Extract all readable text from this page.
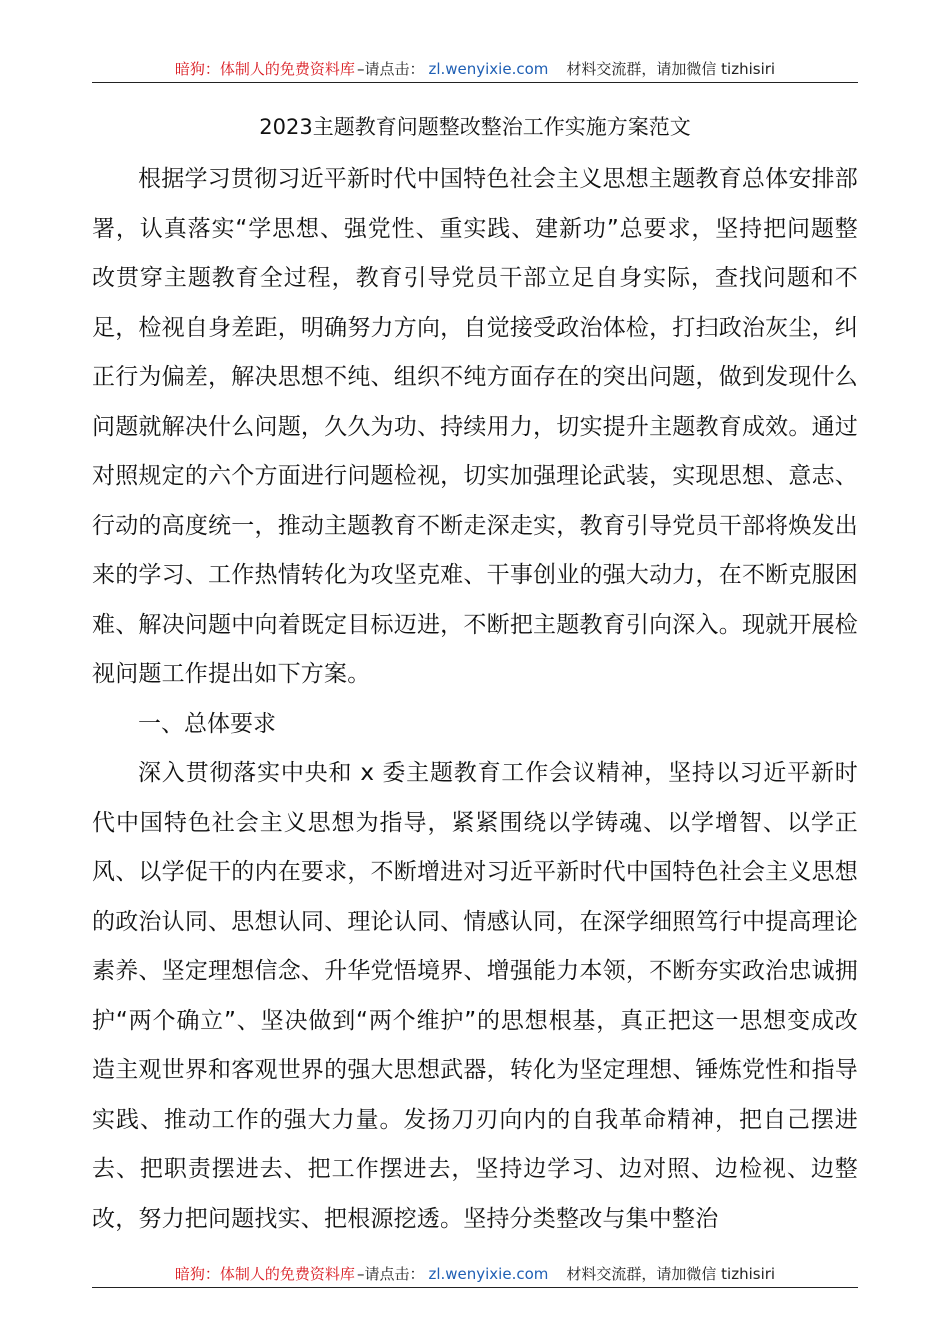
暗狗：体制人的免费资料库 –请点击： zl.wenyixie.com 材料交流群，请加微信 tizhisiri
2023主题教育问题整改整治工作实施方案范文

根据学习贯彻习近平新时代中国特色社会主义思想主题教育总体安排部署，认真落实“学思想、强党性、重实践、建新功”总要求，坚持把问题整改贯穿主题教育全过程，教育引导党员干部立足自身实际，查找问题和不足，检视自身差距，明确努力方向，自觉接受政治体检，打扫政治灰尘，纠正行为偏差，解决思想不纯、组织不纯方面存在的突出问题，做到发现什么问题就解决什么问题，久久为功、持续用力，切实提升主题教育成效。通过对照规定的六个方面进行问题检视，切实加强理论武装，实现思想、意志、行动的高度统一，推动主题教育不断走深走实，教育引导党员干部将焕发出来的学习、工作热情转化为攻坚克难、干事创业的强大动力，在不断克服困难、解决问题中向着既定目标迈进，不断把主题教育引向深入。现就开展检视问题工作提出如下方案。

一、总体要求

深入贯彻落实中央和 x 委主题教育工作会议精神，坚持以习近平新时代中国特色社会主义思想为指导，紧紧围绕以学铸魂、以学增智、以学正风、以学促干的内在要求，不断增进对习近平新时代中国特色社会主义思想的政治认同、思想认同、理论认同、情感认同，在深学细照笃行中提高理论素养、坚定理想信念、升华党悟境界、增强能力本领，不断夯实政治忠诚拥护“两个确立”、坚决做到“两个维护”的思想根基，真正把这一思想变成改造主观世界和客观世界的强大思想武器，转化为坚定理想、锤炼党性和指导实践、推动工作的强大力量。发扬刀刃向内的自我革命精神，把自己摆进去、把职责摆进去、把工作摆进去，坚持边学习、边对照、边检视、边整改，努力把问题找实、把根源挖透。坚持分类整改与集中整治

暗狗：体制人的免费资料库 –请点击： zl.wenyixie.com 材料交流群，请加微信 tizhisiri
